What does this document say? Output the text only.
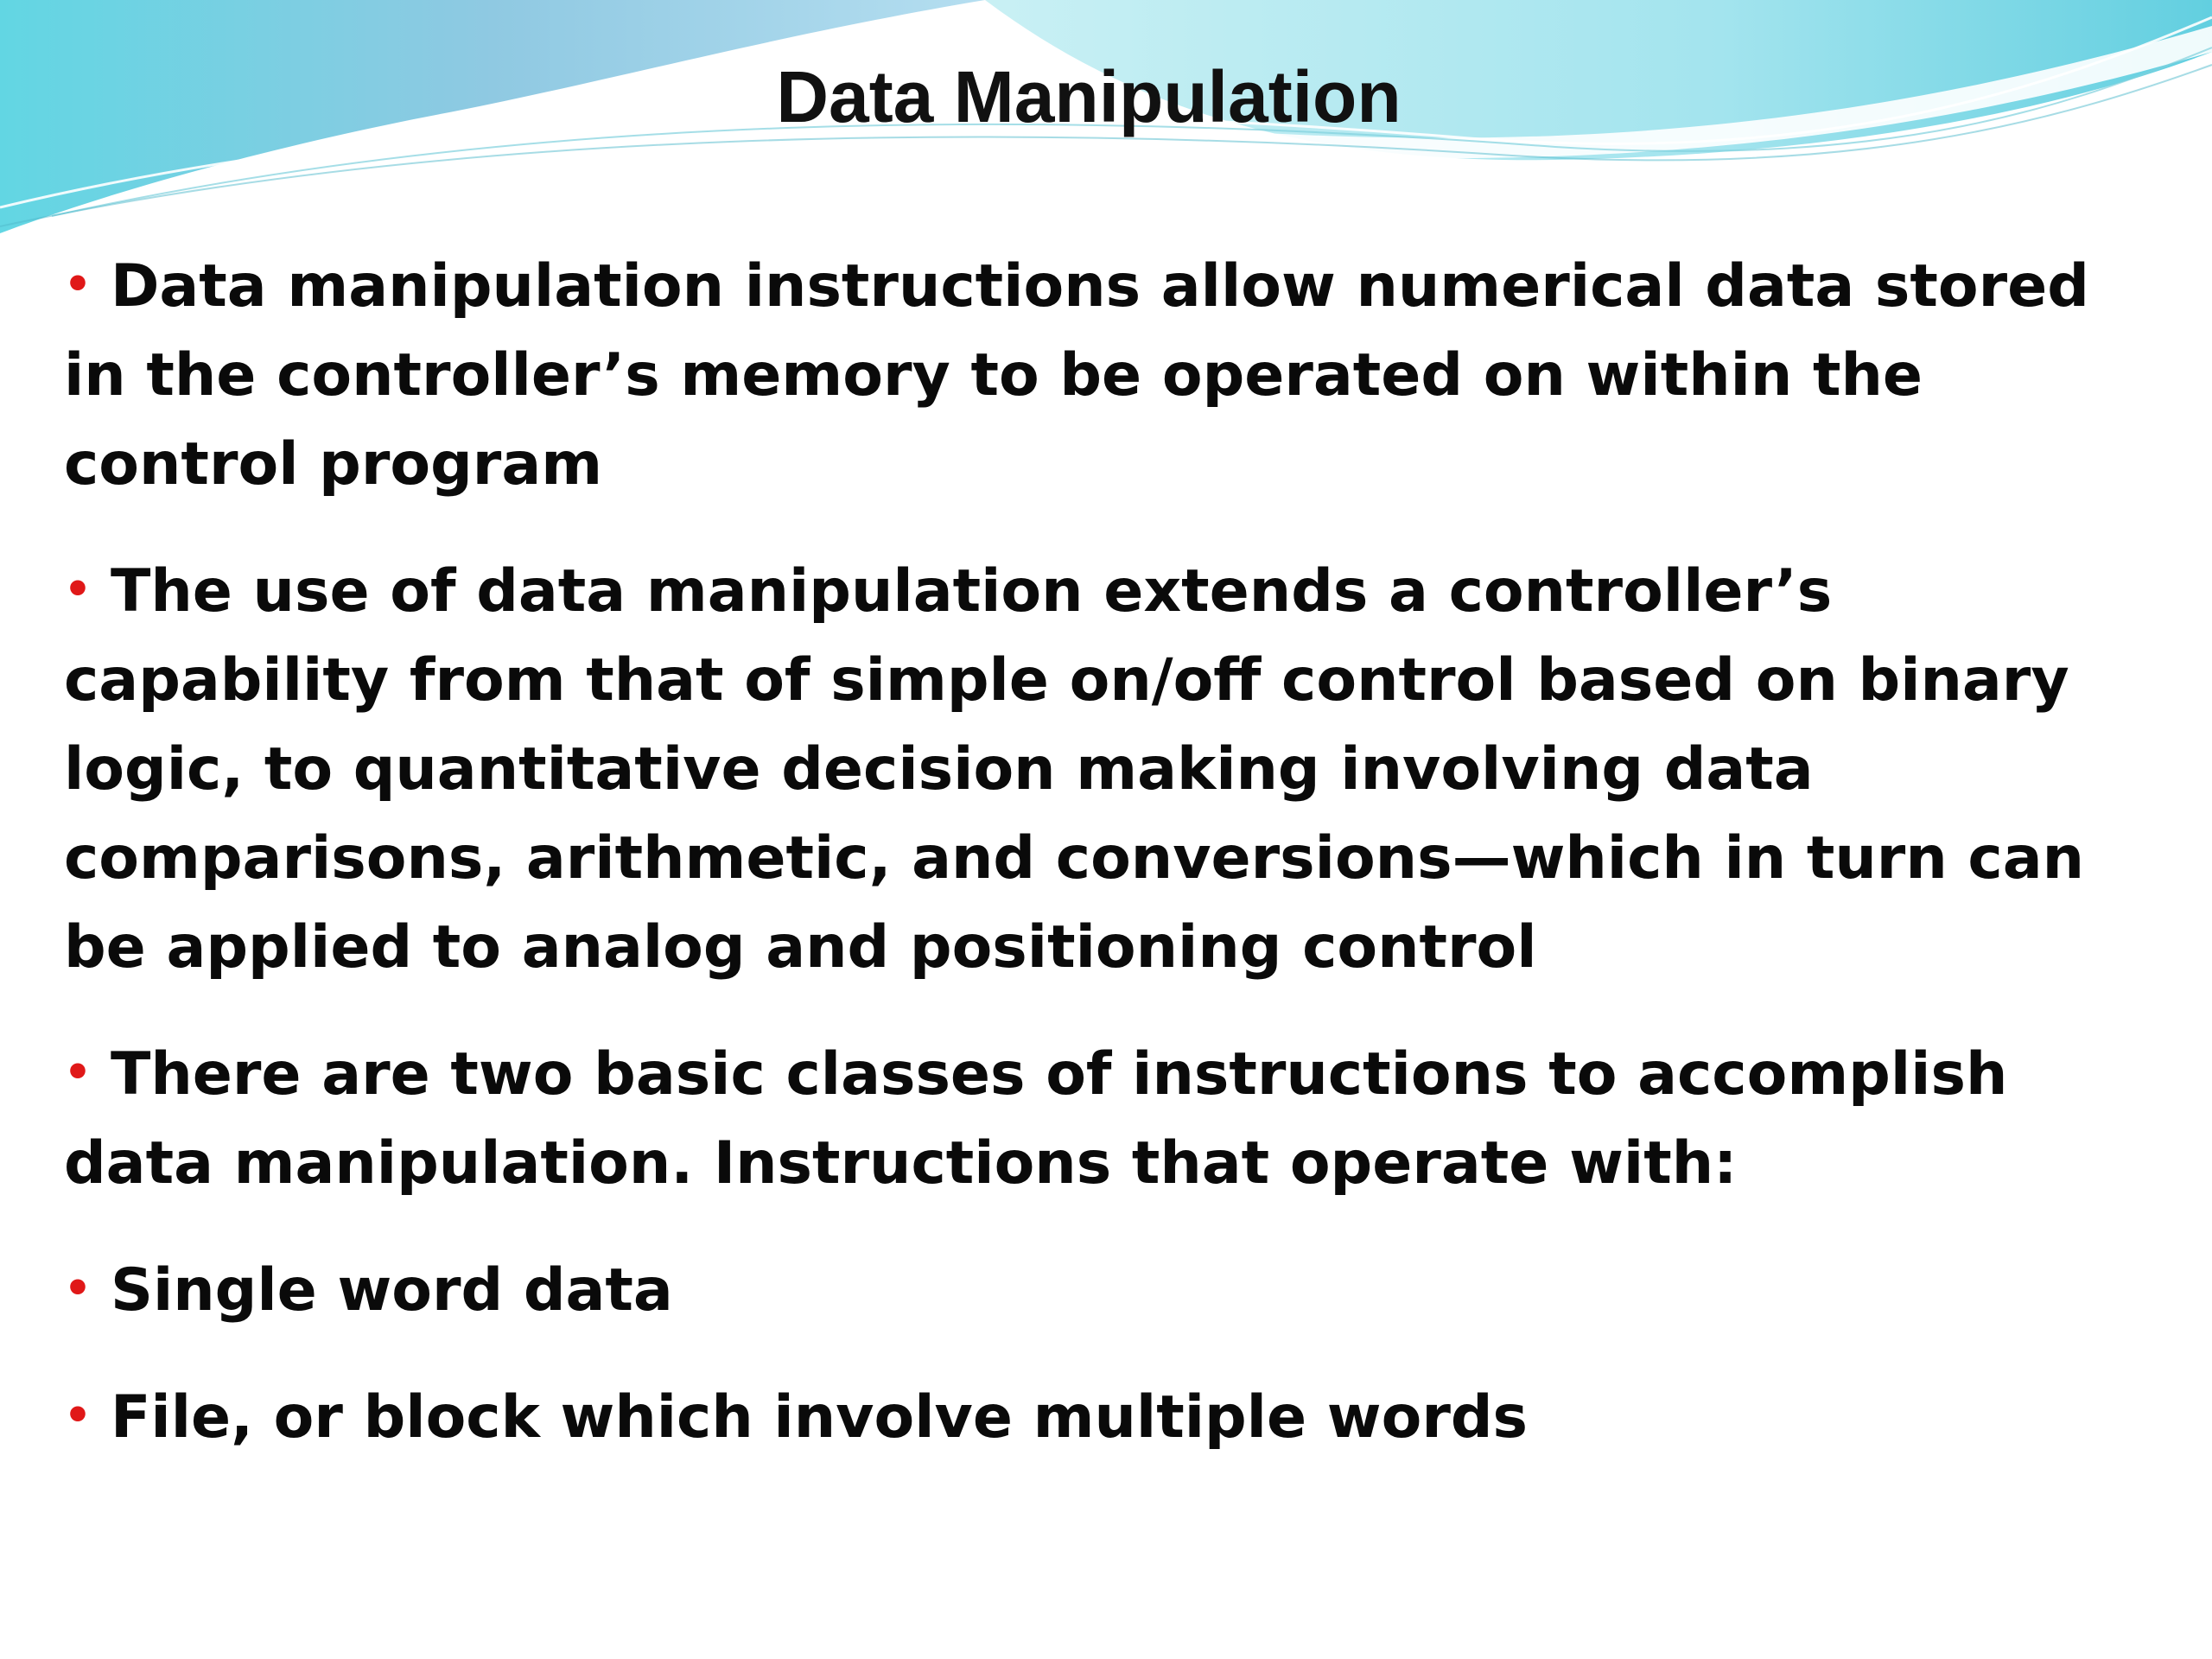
Data Manipulation
• Data manipulation instructions allow numerical data stored in the controller’s memory to be operated on within the control program
• The use of data manipulation extends a controller’s capability from that of simple on/off control based on binary logic, to quantitative decision making involving data comparisons, arithmetic, and conversions—which in turn can be applied to analog and positioning control
• There are two basic classes of instructions to accomplish data manipulation. Instructions that operate with:
• Single word data
• File, or block which involve multiple words
